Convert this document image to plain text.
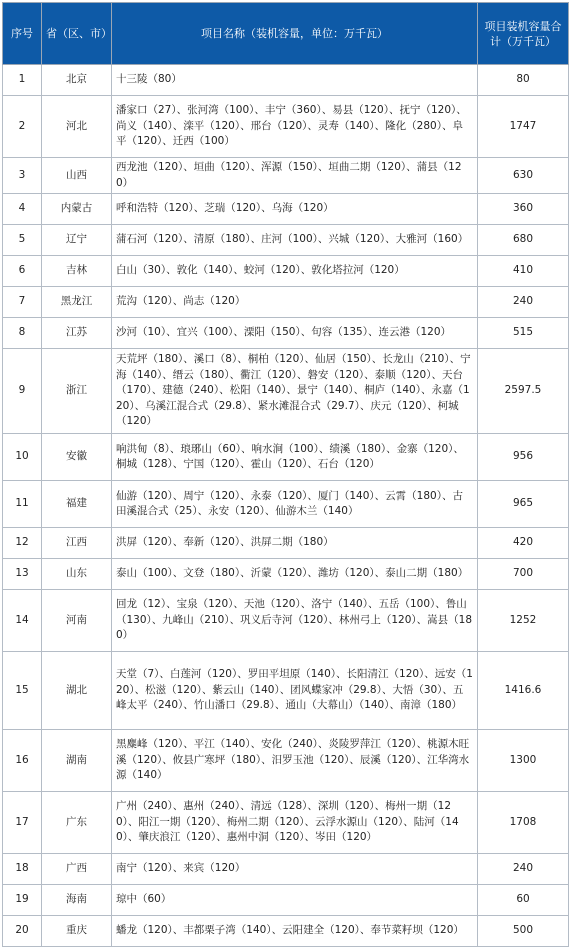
序号	省（区、市）	项目名称（装机容量，单位：万千瓦）	项目装机容量合计（万千瓦）
1	北京	十三陵（80）	80
2	河北	潘家口（27）、张河湾（100）、丰宁（360）、易县（120）、抚宁（120）、尚义（140）、滦平（120）、邢台（120）、灵寿（140）、隆化（280）、阜平（120）、迁西（100）	1747
3	山西	西龙池（120）、垣曲（120）、浑源（150）、垣曲二期（120）、蒲县（120）	630
4	内蒙古	呼和浩特（120）、芝瑞（120）、乌海（120）	360
5	辽宁	蒲石河（120）、清原（180）、庄河（100）、兴城（120）、大雅河（160）	680
6	吉林	白山（30）、敦化（140）、蛟河（120）、敦化塔拉河（120）	410
7	黑龙江	荒沟（120）、尚志（120）	240
8	江苏	沙河（10）、宜兴（100）、溧阳（150）、句容（135）、连云港（120）	515
9	浙江	天荒坪（180）、溪口（8）、桐柏（120）、仙居（150）、长龙山（210）、宁海（140）、缙云（180）、衢江（120）、磐安（120）、泰顺（120）、天台（170）、建德（240）、松阳（140）、景宁（140）、桐庐（140）、永嘉（120）、乌溪江混合式（29.8）、紧水滩混合式（29.7）、庆元（120）、柯城（120）	2597.5
10	安徽	响洪甸（8）、琅琊山（60）、响水涧（100）、绩溪（180）、金寨（120）、桐城（128）、宁国（120）、霍山（120）、石台（120）	956
11	福建	仙游（120）、周宁（120）、永泰（120）、厦门（140）、云霄（180）、古田溪混合式（25）、永安（120）、仙游木兰（140）	965
12	江西	洪屏（120）、奉新（120）、洪屏二期（180）	420
13	山东	泰山（100）、文登（180）、沂蒙（120）、潍坊（120）、泰山二期（180）	700
14	河南	回龙（12）、宝泉（120）、天池（120）、洛宁（140）、五岳（100）、鲁山（130）、九峰山（210）、巩义后寺河（120）、林州弓上（120）、嵩县（180）	1252
15	湖北	天堂（7）、白莲河（120）、罗田平坦原（140）、长阳清江（120）、远安（120）、松滋（120）、紫云山（140）、团风蝶家冲（29.8）、大悟（30）、五峰太平（240）、竹山潘口（29.8）、通山（大幕山）（140）、南漳（180）	1416.6
16	湖南	黑麋峰（120）、平江（140）、安化（240）、炎陵罗萍江（120）、桃源木旺溪（120）、攸县广寒坪（180）、汨罗玉池（120）、辰溪（120）、江华湾水源（140）	1300
17	广东	广州（240）、惠州（240）、清远（128）、深圳（120）、梅州一期（120）、阳江一期（120）、梅州二期（120）、云浮水源山（120）、陆河（140）、肇庆浪江（120）、惠州中洞（120）、岑田（120）	1708
18	广西	南宁（120）、来宾（120）	240
19	海南	琼中（60）	60
20	重庆	蟠龙（120）、丰都栗子湾（140）、云阳建全（120）、奉节菜籽坝（120）	500
